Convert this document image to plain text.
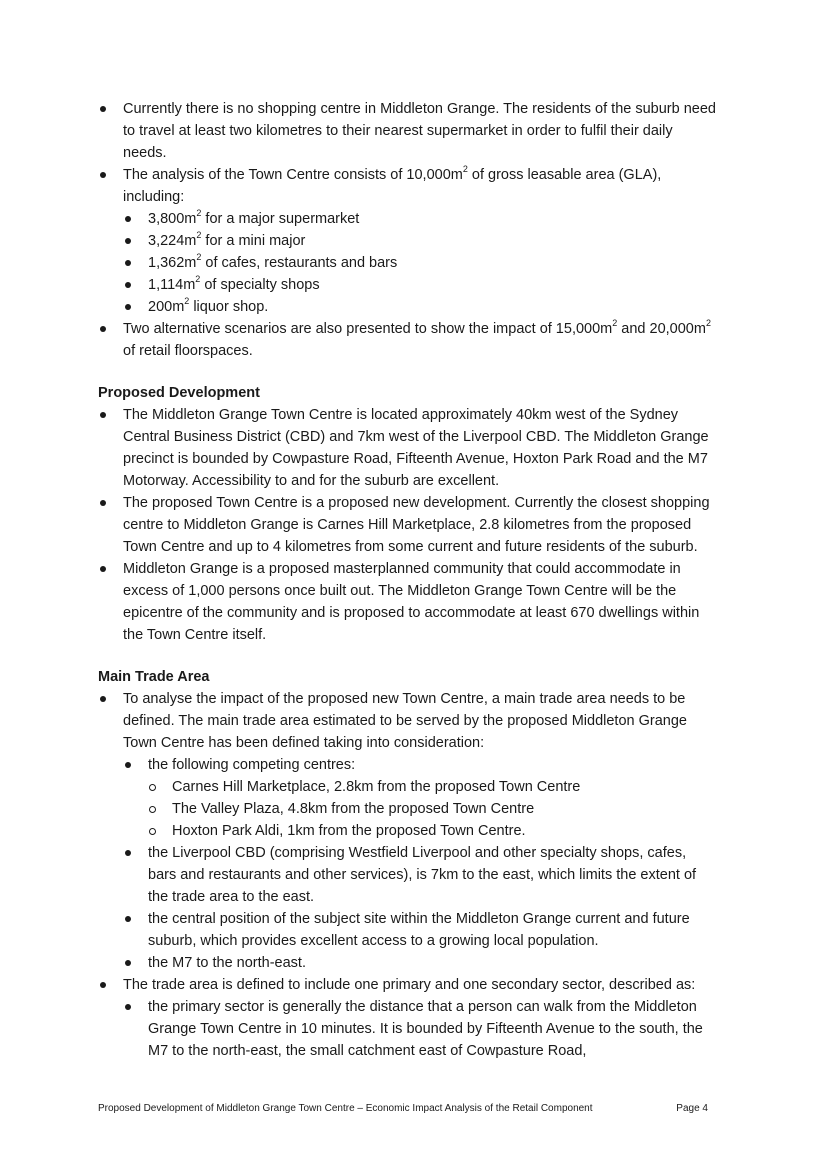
Currently there is no shopping centre in Middleton Grange. The residents of the suburb need to travel at least two kilometres to their nearest supermarket in order to fulfil their daily needs.
The analysis of the Town Centre consists of $10,000m^2$ of gross leasable area (GLA), including:
$3,800m^2$ for a major supermarket
$3,224m^2$ for a mini major
$1,362m^2$ of cafes, restaurants and bars
$1,114m^2$ of specialty shops
$200m^2$ liquor shop.
Two alternative scenarios are also presented to show the impact of $15,000m^2$ and $20,000m^2$ of retail floorspaces.
Proposed Development
The Middleton Grange Town Centre is located approximately 40km west of the Sydney Central Business District (CBD) and 7km west of the Liverpool CBD. The Middleton Grange precinct is bounded by Cowpasture Road, Fifteenth Avenue, Hoxton Park Road and the M7 Motorway. Accessibility to and for the suburb are excellent.
The proposed Town Centre is a proposed new development. Currently the closest shopping centre to Middleton Grange is Carnes Hill Marketplace, 2.8 kilometres from the proposed Town Centre and up to 4 kilometres from some current and future residents of the suburb.
Middleton Grange is a proposed masterplanned community that could accommodate in excess of 1,000 persons once built out. The Middleton Grange Town Centre will be the epicentre of the community and is proposed to accommodate at least 670 dwellings within the Town Centre itself.
Main Trade Area
To analyse the impact of the proposed new Town Centre, a main trade area needs to be defined. The main trade area estimated to be served by the proposed Middleton Grange Town Centre has been defined taking into consideration:
the following competing centres:
Carnes Hill Marketplace, 2.8km from the proposed Town Centre
The Valley Plaza, 4.8km from the proposed Town Centre
Hoxton Park Aldi, 1km from the proposed Town Centre.
the Liverpool CBD (comprising Westfield Liverpool and other specialty shops, cafes, bars and restaurants and other services), is 7km to the east, which limits the extent of the trade area to the east.
the central position of the subject site within the Middleton Grange current and future suburb, which provides excellent access to a growing local population.
the M7 to the north-east.
The trade area is defined to include one primary and one secondary sector, described as:
the primary sector is generally the distance that a person can walk from the Middleton Grange Town Centre in 10 minutes. It is bounded by Fifteenth Avenue to the south, the M7 to the north-east, the small catchment east of Cowpasture Road,
Proposed Development of Middleton Grange Town Centre – Economic Impact Analysis of the Retail Component	Page 4
